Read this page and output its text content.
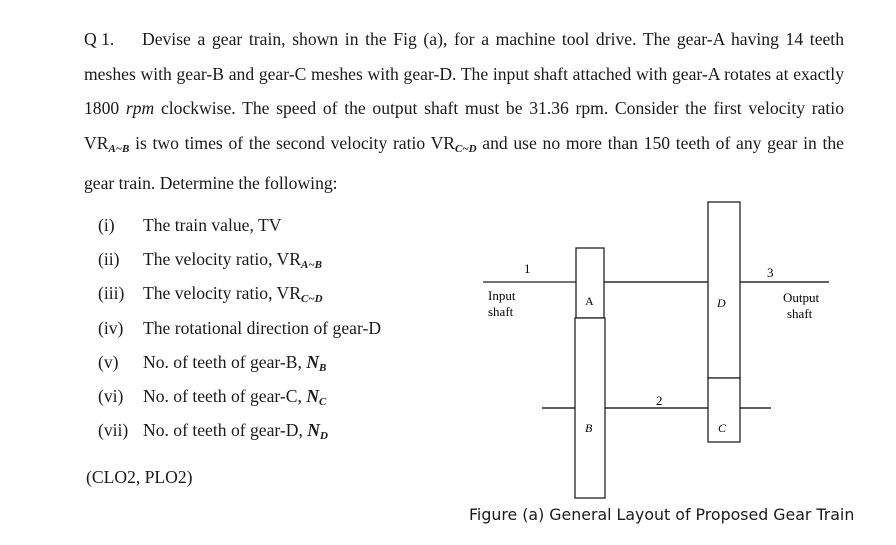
Q 1. Devise a gear train, shown in the Fig (a), for a machine tool drive. The gear-A having 14 teeth meshes with gear-B and gear-C meshes with gear-D. The input shaft attached with gear-A rotates at exactly 1800 rpm clockwise. The speed of the output shaft must be 31.36 rpm. Consider the first velocity ratio $VR_{A\sim B}$ is two times of the second velocity ratio $VR_{C\sim D}$ and use no more than 150 teeth of any gear in the gear train. Determine the following:
(i) The train value, TV
(ii) The velocity ratio, $VR_{A\sim B}$
(iii) The velocity ratio, $VR_{C\sim D}$
(iv) The rotational direction of gear-D
(v) No. of teeth of gear-B, $N_B$
(vi) No. of teeth of gear-C, $N_C$
(vii) No. of teeth of gear-D, $N_D$
(CLO2, PLO2)
Input
shaft
Output
shaft
1
2
3
A
B
D
C
Figure (a) General Layout of Proposed Gear Train
